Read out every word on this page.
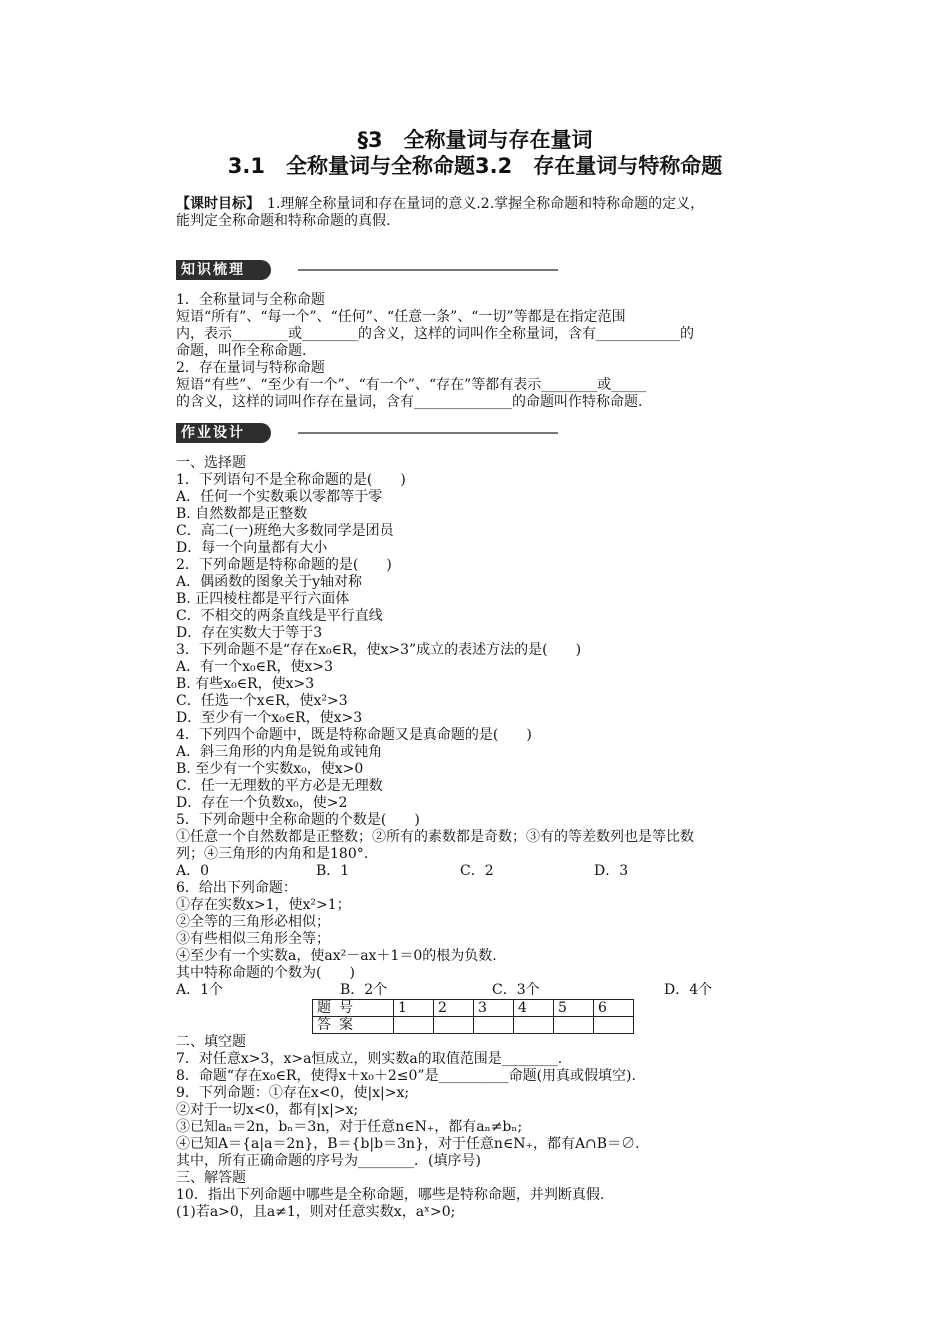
§3　全称量词与存在量词
3.1　全称量词与全称命题3.2　存在量词与特称命题
【课时目标】　1.理解全称量词和存在量词的意义.2.掌握全称命题和特称命题的定义，
能判定全称命题和特称命题的真假.
知识梳理
1．全称量词与全称命题
短语“所有”、“每一个”、“任何”、“任意一条”、“一切”等都是在指定范围
内，表示________或________的含义，这样的词叫作全称量词，含有____________的
命题，叫作全称命题.
2．存在量词与特称命题
短语“有些”、“至少有一个”、“有一个”、“存在”等都有表示________或_____
的含义，这样的词叫作存在量词，含有______________的命题叫作特称命题.
作业设计
一、选择题
1．下列语句不是全称命题的是(　　)
A．任何一个实数乘以零都等于零
B. 自然数都是正整数
C．高二(一)班绝大多数同学是团员
D．每一个向量都有大小
2．下列命题是特称命题的是(　　)
A．偶函数的图象关于y轴对称
B. 正四棱柱都是平行六面体
C．不相交的两条直线是平行直线
D．存在实数大于等于3
3．下列命题不是“存在x₀∈R，使x>3”成立的表述方法的是(　　)
A．有一个x₀∈R，使x>3
B. 有些x₀∈R，使x>3
C．任选一个x∈R，使x²>3
D．至少有一个x₀∈R，使x>3
4．下列四个命题中，既是特称命题又是真命题的是(　　)
A．斜三角形的内角是锐角或钝角
B. 至少有一个实数x₀，使x>0
C．任一无理数的平方必是无理数
D．存在一个负数x₀，使>2
5．下列命题中全称命题的个数是(　　)
①任意一个自然数都是正整数；②所有的素数都是奇数；③有的等差数列也是等比数
列；④三角形的内角和是180°.
A．0	B．1	C．2	D．3
6．给出下列命题：
①存在实数x>1，使x²>1；
②全等的三角形必相似；
③有些相似三角形全等；
④至少有一个实数a，使ax²－ax＋1＝0的根为负数.
其中特称命题的个数为(　　)
A．1个	B．2个	C．3个	D．4个
题号	1	2	3	4	5	6
答案						
二、填空题
7．对任意x>3，x>a恒成立，则实数a的取值范围是________.
8．命题“存在x₀∈R，使得x＋x₀＋2≤0”是__________命题(用真或假填空).
9．下列命题：①存在x<0，使|x|>x;
②对于一切x<0，都有|x|>x;
③已知aₙ＝2n，bₙ＝3n，对于任意n∈N₊，都有aₙ≠bₙ;
④已知A＝{a|a＝2n}，B＝{b|b＝3n}，对于任意n∈N₊，都有A∩B＝∅.
其中，所有正确命题的序号为________．(填序号)
三、解答题
10．指出下列命题中哪些是全称命题，哪些是特称命题，并判断真假.
(1)若a>0，且a≠1，则对任意实数x，aˣ>0;
